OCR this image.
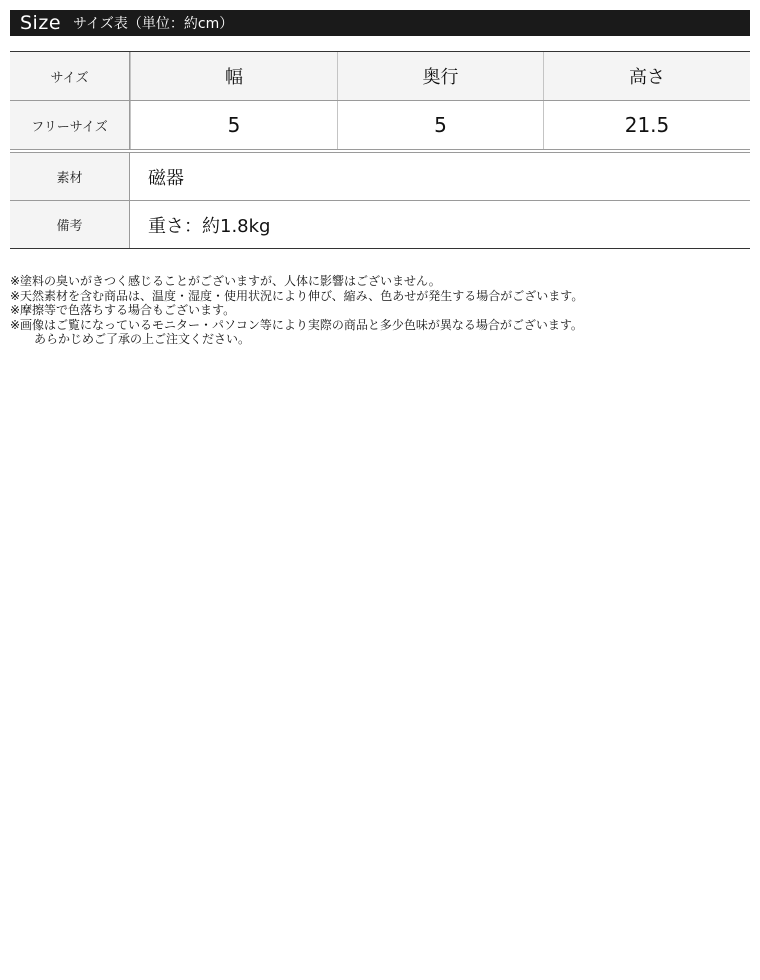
Size サイズ表（単位：約cm）
サイズ	幅	奥行	高さ
フリーサイズ	5	5	21.5
素材	磁器
備考	重さ：約1.8kg

※塗料の臭いがきつく感じることがございますが、人体に影響はございません。

※天然素材を含む商品は、温度・湿度・使用状況により伸び、縮み、色あせが発生する場合がございます。

※摩擦等で色落ちする場合もございます。

※画像はご覧になっているモニター・パソコン等により実際の商品と多少色味が異なる場合がございます。

あらかじめご了承の上ご注文ください。
